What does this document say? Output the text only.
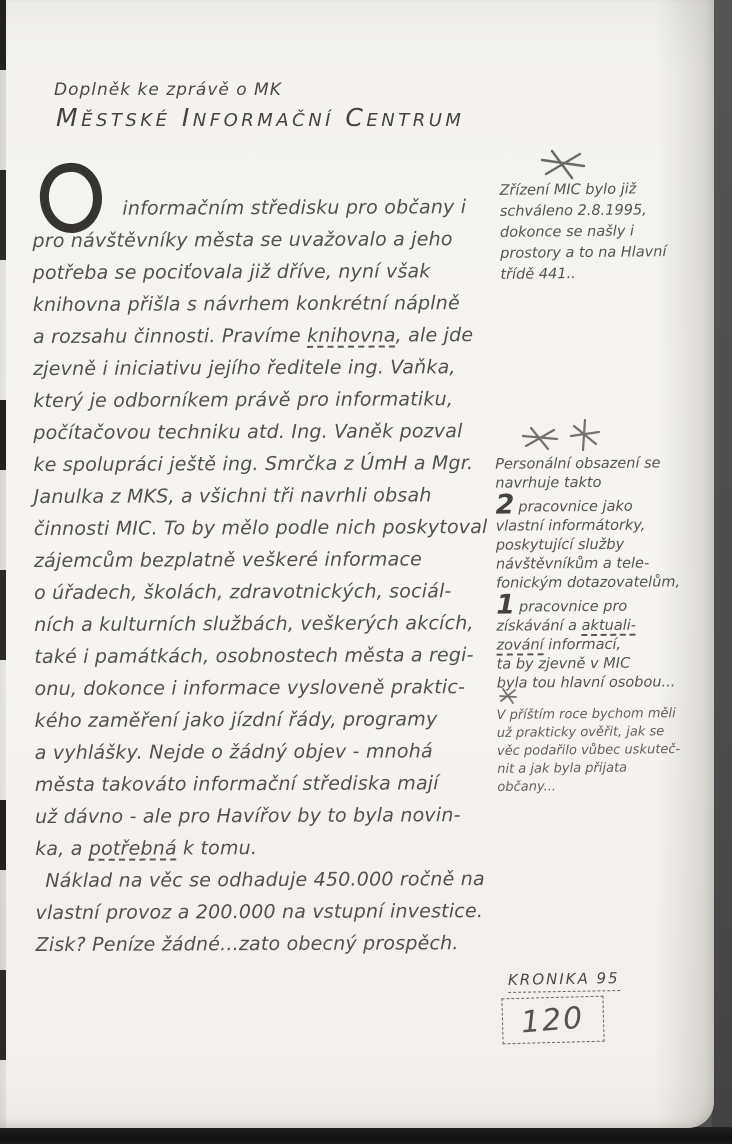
Doplněk ke zprávě o MK
Městské Informační Centrum
informačním středisku pro občany i
pro návštěvníky města se uvažovalo a jeho
potřeba se pociťovala již dříve, nyní však
knihovna přišla s návrhem konkrétní náplně
a rozsahu činnosti. Pravíme knihovna, ale jde
zjevně i iniciativu jejího ředitele ing. Vaňka,
který je odborníkem právě pro informatiku,
počítačovou techniku atd. Ing. Vaněk pozval
ke spolupráci ještě ing. Smrčka z ÚmH a Mgr.
Janulka z MKS, a všichni tři navrhli obsah
činnosti MIC. To by mělo podle nich poskytoval
zájemcům bezplatně veškeré informace
o úřadech, školách, zdravotnických, sociál-
ních a kulturních službách, veškerých akcích,
také i památkách, osobnostech města a regi-
onu, dokonce i informace vysloveně praktic-
kého zaměření jako jízdní řády, programy
a vyhlášky. Nejde o žádný objev - mnohá
města takováto informační střediska mají
už dávno - ale pro Havířov by to byla novin-
ka, a potřebná k tomu.
Náklad na věc se odhaduje 450.000 ročně na
vlastní provoz a 200.000 na vstupní investice.
Zisk? Peníze žádné...zato obecný prospěch.
Zřízení MIC bylo již
schváleno 2.8.1995,
dokonce se našly i
prostory a to na Hlavní
třídě 441..
Personální obsazení se
navrhuje takto
2 pracovnice jako
vlastní informátorky,
poskytující služby
návštěvníkům a tele-
fonickým dotazovatelům,
1 pracovnice pro
získávání a aktuali-
zování informací,
ta by zjevně v MIC
byla tou hlavní osobou...
V příštím roce bychom měli
už prakticky ověřit, jak se
věc podařilo vůbec uskuteč-
nit a jak byla přijata
občany...
KRONIKA 95
120
